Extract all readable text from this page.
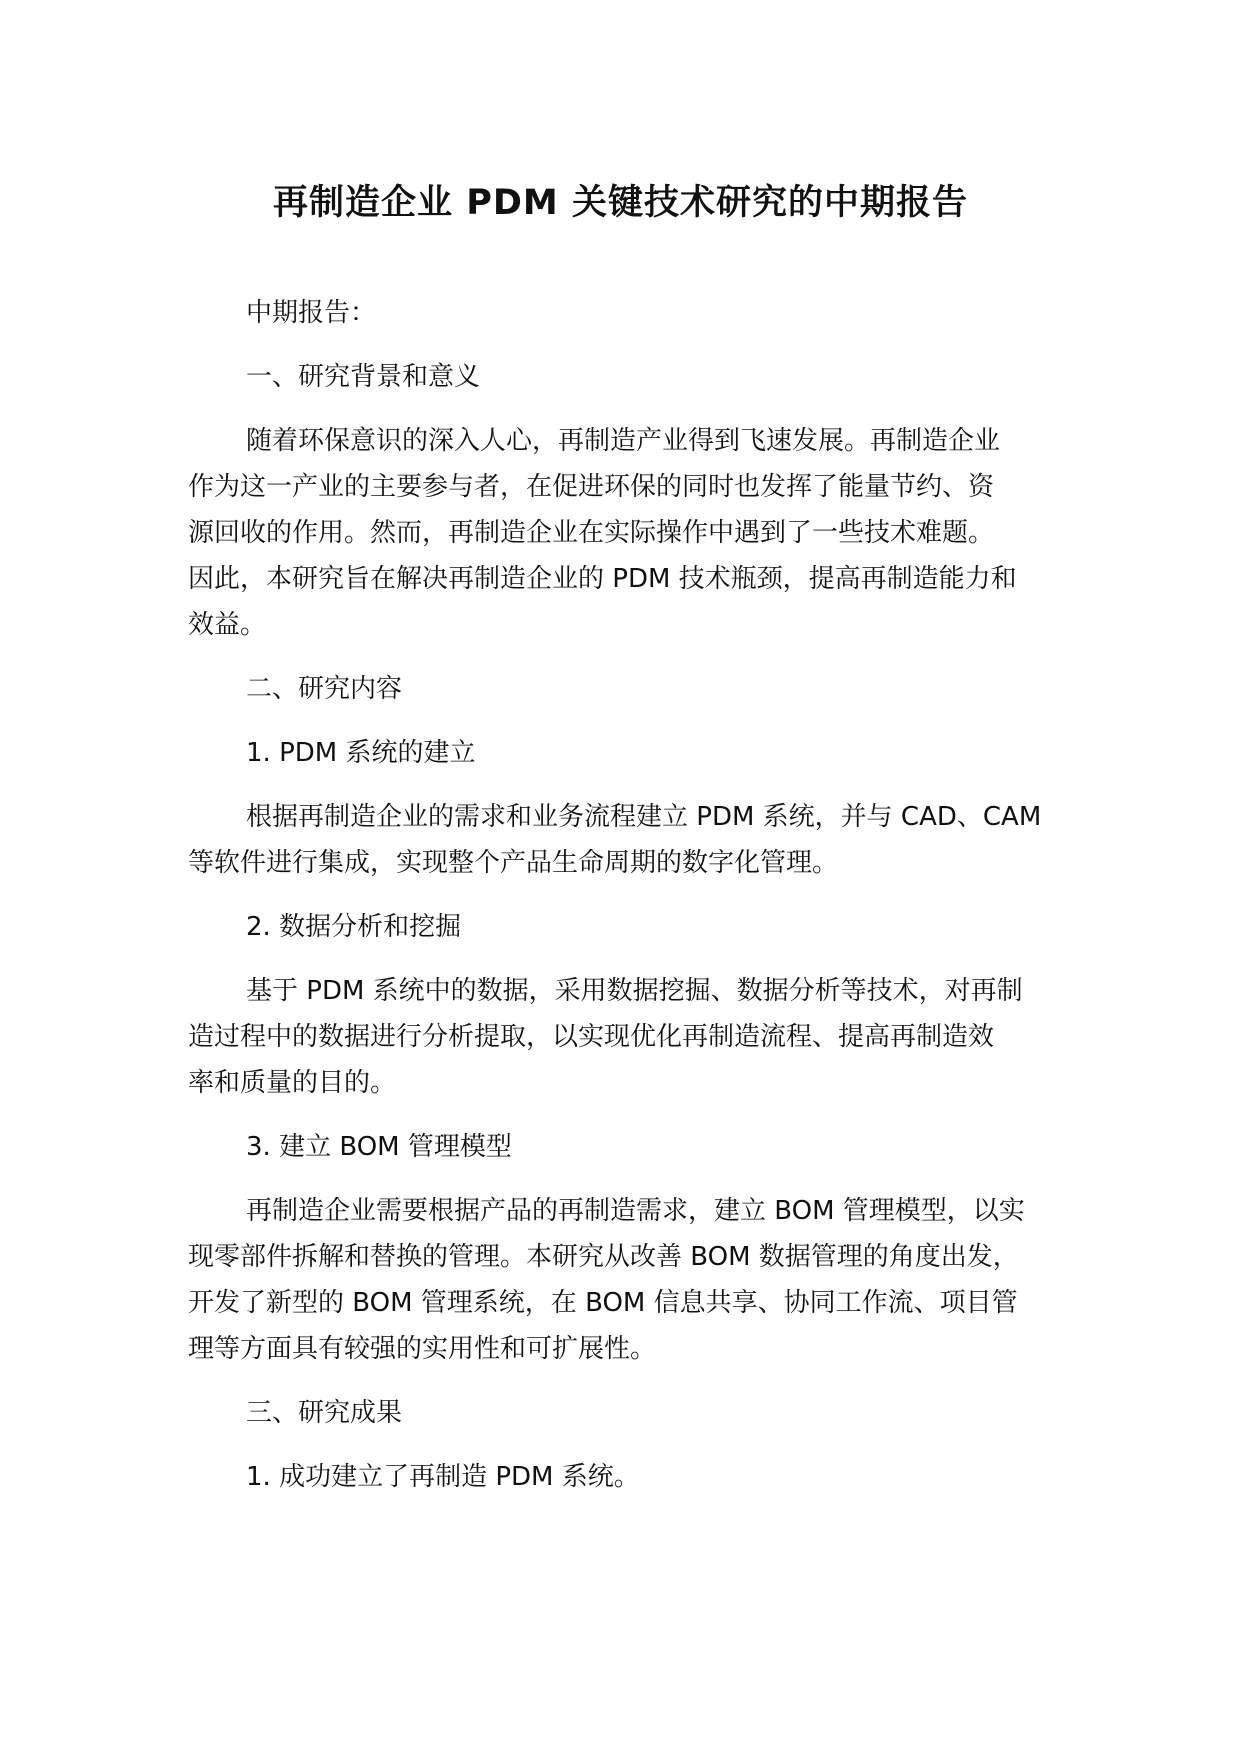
再制造企业 PDM 关键技术研究的中期报告
中期报告：
一、研究背景和意义
随着环保意识的深入人心，再制造产业得到飞速发展。再制造企业
作为这一产业的主要参与者，在促进环保的同时也发挥了能量节约、资
源回收的作用。然而，再制造企业在实际操作中遇到了一些技术难题。
因此，本研究旨在解决再制造企业的 PDM 技术瓶颈，提高再制造能力和
效益。
二、研究内容
1. PDM 系统的建立
根据再制造企业的需求和业务流程建立 PDM 系统，并与 CAD、CAM
等软件进行集成，实现整个产品生命周期的数字化管理。
2. 数据分析和挖掘
基于 PDM 系统中的数据，采用数据挖掘、数据分析等技术，对再制
造过程中的数据进行分析提取，以实现优化再制造流程、提高再制造效
率和质量的目的。
3. 建立 BOM 管理模型
再制造企业需要根据产品的再制造需求，建立 BOM 管理模型，以实
现零部件拆解和替换的管理。本研究从改善 BOM 数据管理的角度出发，
开发了新型的 BOM 管理系统，在 BOM 信息共享、协同工作流、项目管
理等方面具有较强的实用性和可扩展性。
三、研究成果
1. 成功建立了再制造 PDM 系统。
